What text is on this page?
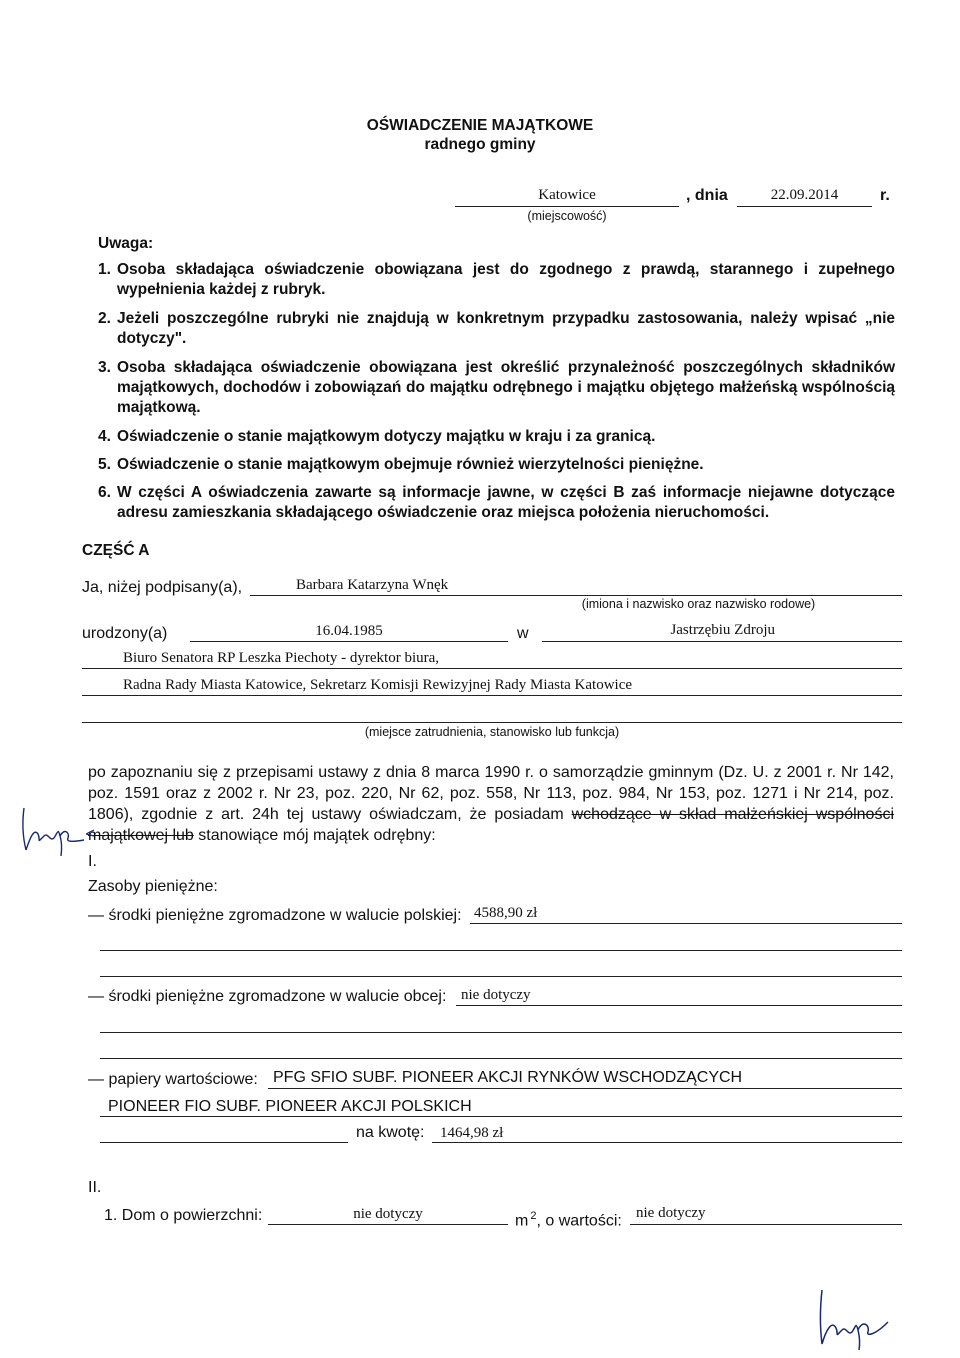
OŚWIADCZENIE MAJĄTKOWE
radnego gminy
Katowice
(miejscowość)
, dnia	22.09.2014	r.
Uwaga:
1. Osoba składająca oświadczenie obowiązana jest do zgodnego z prawdą, starannego i zupełnego wypełnienia każdej z rubryk.
2. Jeżeli poszczególne rubryki nie znajdują w konkretnym przypadku zastosowania, należy wpisać „nie dotyczy".
3. Osoba składająca oświadczenie obowiązana jest określić przynależność poszczególnych składników majątkowych, dochodów i zobowiązań do majątku odrębnego i majątku objętego małżeńską wspólnością majątkową.
4. Oświadczenie o stanie majątkowym dotyczy majątku w kraju i za granicą.
5. Oświadczenie o stanie majątkowym obejmuje również wierzytelności pieniężne.
6. W części A oświadczenia zawarte są informacje jawne, w części B zaś informacje niejawne dotyczące adresu zamieszkania składającego oświadczenie oraz miejsca położenia nieruchomości.
CZĘŚĆ A
Ja, niżej podpisany(a),	Barbara Katarzyna Wnęk
(imiona i nazwisko oraz nazwisko rodowe)
urodzony(a)	16.04.1985	w	Jastrzębiu Zdroju
Biuro Senatora RP Leszka Piechoty - dyrektor biura,
Radna Rady Miasta Katowice, Sekretarz Komisji Rewizyjnej Rady Miasta Katowice
(miejsce zatrudnienia, stanowisko lub funkcja)
po zapoznaniu się z przepisami ustawy z dnia 8 marca 1990 r. o samorządzie gminnym (Dz. U. z 2001 r. Nr 142, poz. 1591 oraz z 2002 r. Nr 23, poz. 220, Nr 62, poz. 558, Nr 113, poz. 984, Nr 153, poz. 1271 i Nr 214, poz. 1806), zgodnie z art. 24h tej ustawy oświadczam, że posiadam wchodzące w skład małżeńskiej wspólności majątkowej lub stanowiące mój majątek odrębny:
I.
Zasoby pieniężne:
— środki pieniężne zgromadzone w walucie polskiej: 4588,90 zł
— środki pieniężne zgromadzone w walucie obcej: nie dotyczy
— papiery wartościowe: PFG SFIO SUBF. PIONEER AKCJI RYNKÓW WSCHODZĄCYCH
PIONEER FIO SUBF. PIONEER AKCJI POLSKICH
na kwotę: 1464,98 zł
II.
1. Dom o powierzchni:	nie dotyczy	m $^2$, o wartości: nie dotyczy
